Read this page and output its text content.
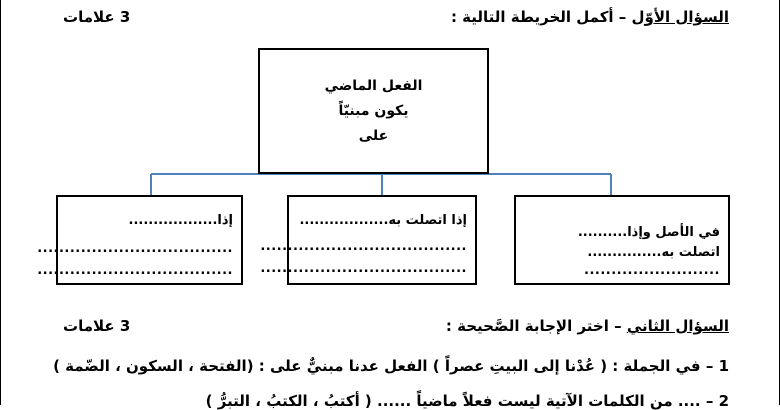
السؤال الأوّل – أكمل الخريطة التالية :
3 علامات
الفعل الماضي
يكون مبنيّاً
على
في الأصل وإذا..........
اتصلت به...............
.........................
إذا اتصلت به..................
......................................
......................................
إذا..................
....................................
....................................
السؤال الثاني – اختر الإجابة الصَّحيحة :
3 علامات
1 – في الجملة : ( عُدْنا إلى البيتِ عصراً ) الفعل عدنا مبنيٌّ على : (الفتحة ، السكون ، الضّمة )
2 – .... من الكلمات الآتية ليست فعلاً ماضياً ...... ( أكتبُ ، الكتبُ ، التبرُّ )
